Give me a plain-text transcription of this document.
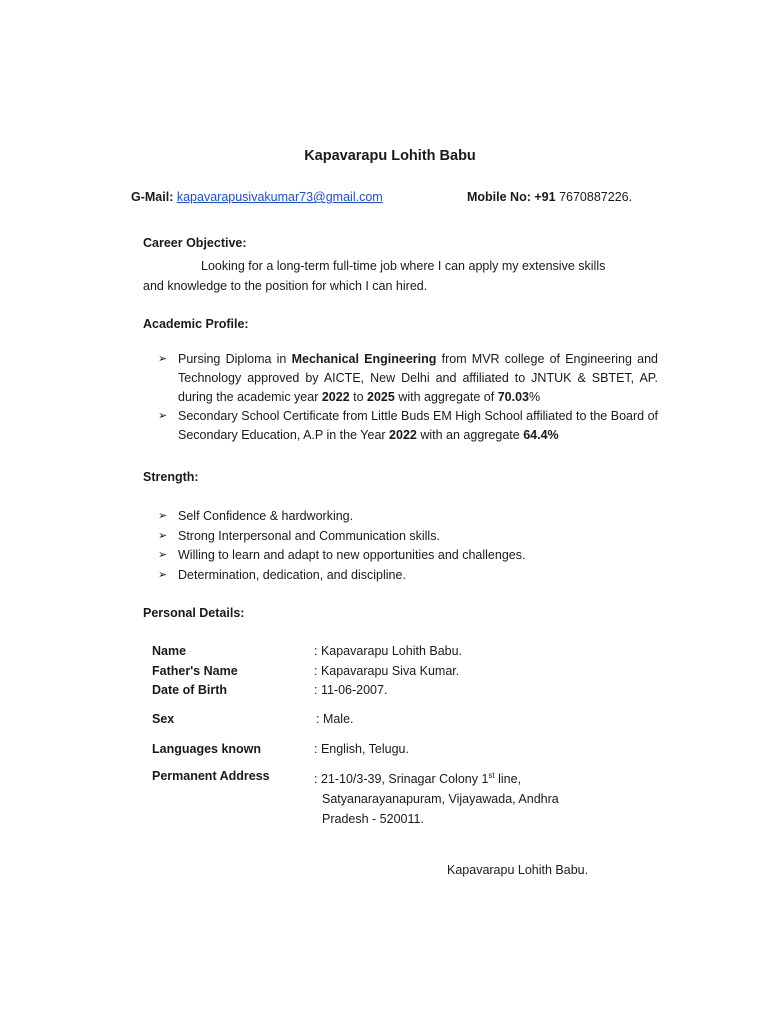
Kapavarapu Lohith Babu
G-Mail: kapavarapusivakumar73@gmail.com	Mobile No: +91 7670887226.
Career Objective:
Looking for a long-term full-time job where I can apply my extensive skills
and knowledge to the position for which I can hired.
Academic Profile:
➢ Pursing Diploma in Mechanical Engineering from MVR college of Engineering and Technology approved by AICTE, New Delhi and affiliated to JNTUK & SBTET, AP. during the academic year 2022 to 2025 with aggregate of 70.03%
➢ Secondary School Certificate from Little Buds EM High School affiliated to the Board of Secondary Education, A.P in the Year 2022 with an aggregate 64.4%
Strength:
➢ Self Confidence & hardworking.
➢ Strong Interpersonal and Communication skills.
➢ Willing to learn and adapt to new opportunities and challenges.
➢ Determination, dedication, and discipline.
Personal Details:
Name	: Kapavarapu Lohith Babu.
Father's Name	: Kapavarapu Siva Kumar.
Date of Birth	: 11-06-2007.
Sex	: Male.
Languages known	: English, Telugu.
Permanent Address	: 21-10/3-39, Srinagar Colony 1st line,
Satyanarayanapuram, Vijayawada, Andhra
Pradesh - 520011.
Kapavarapu Lohith Babu.
